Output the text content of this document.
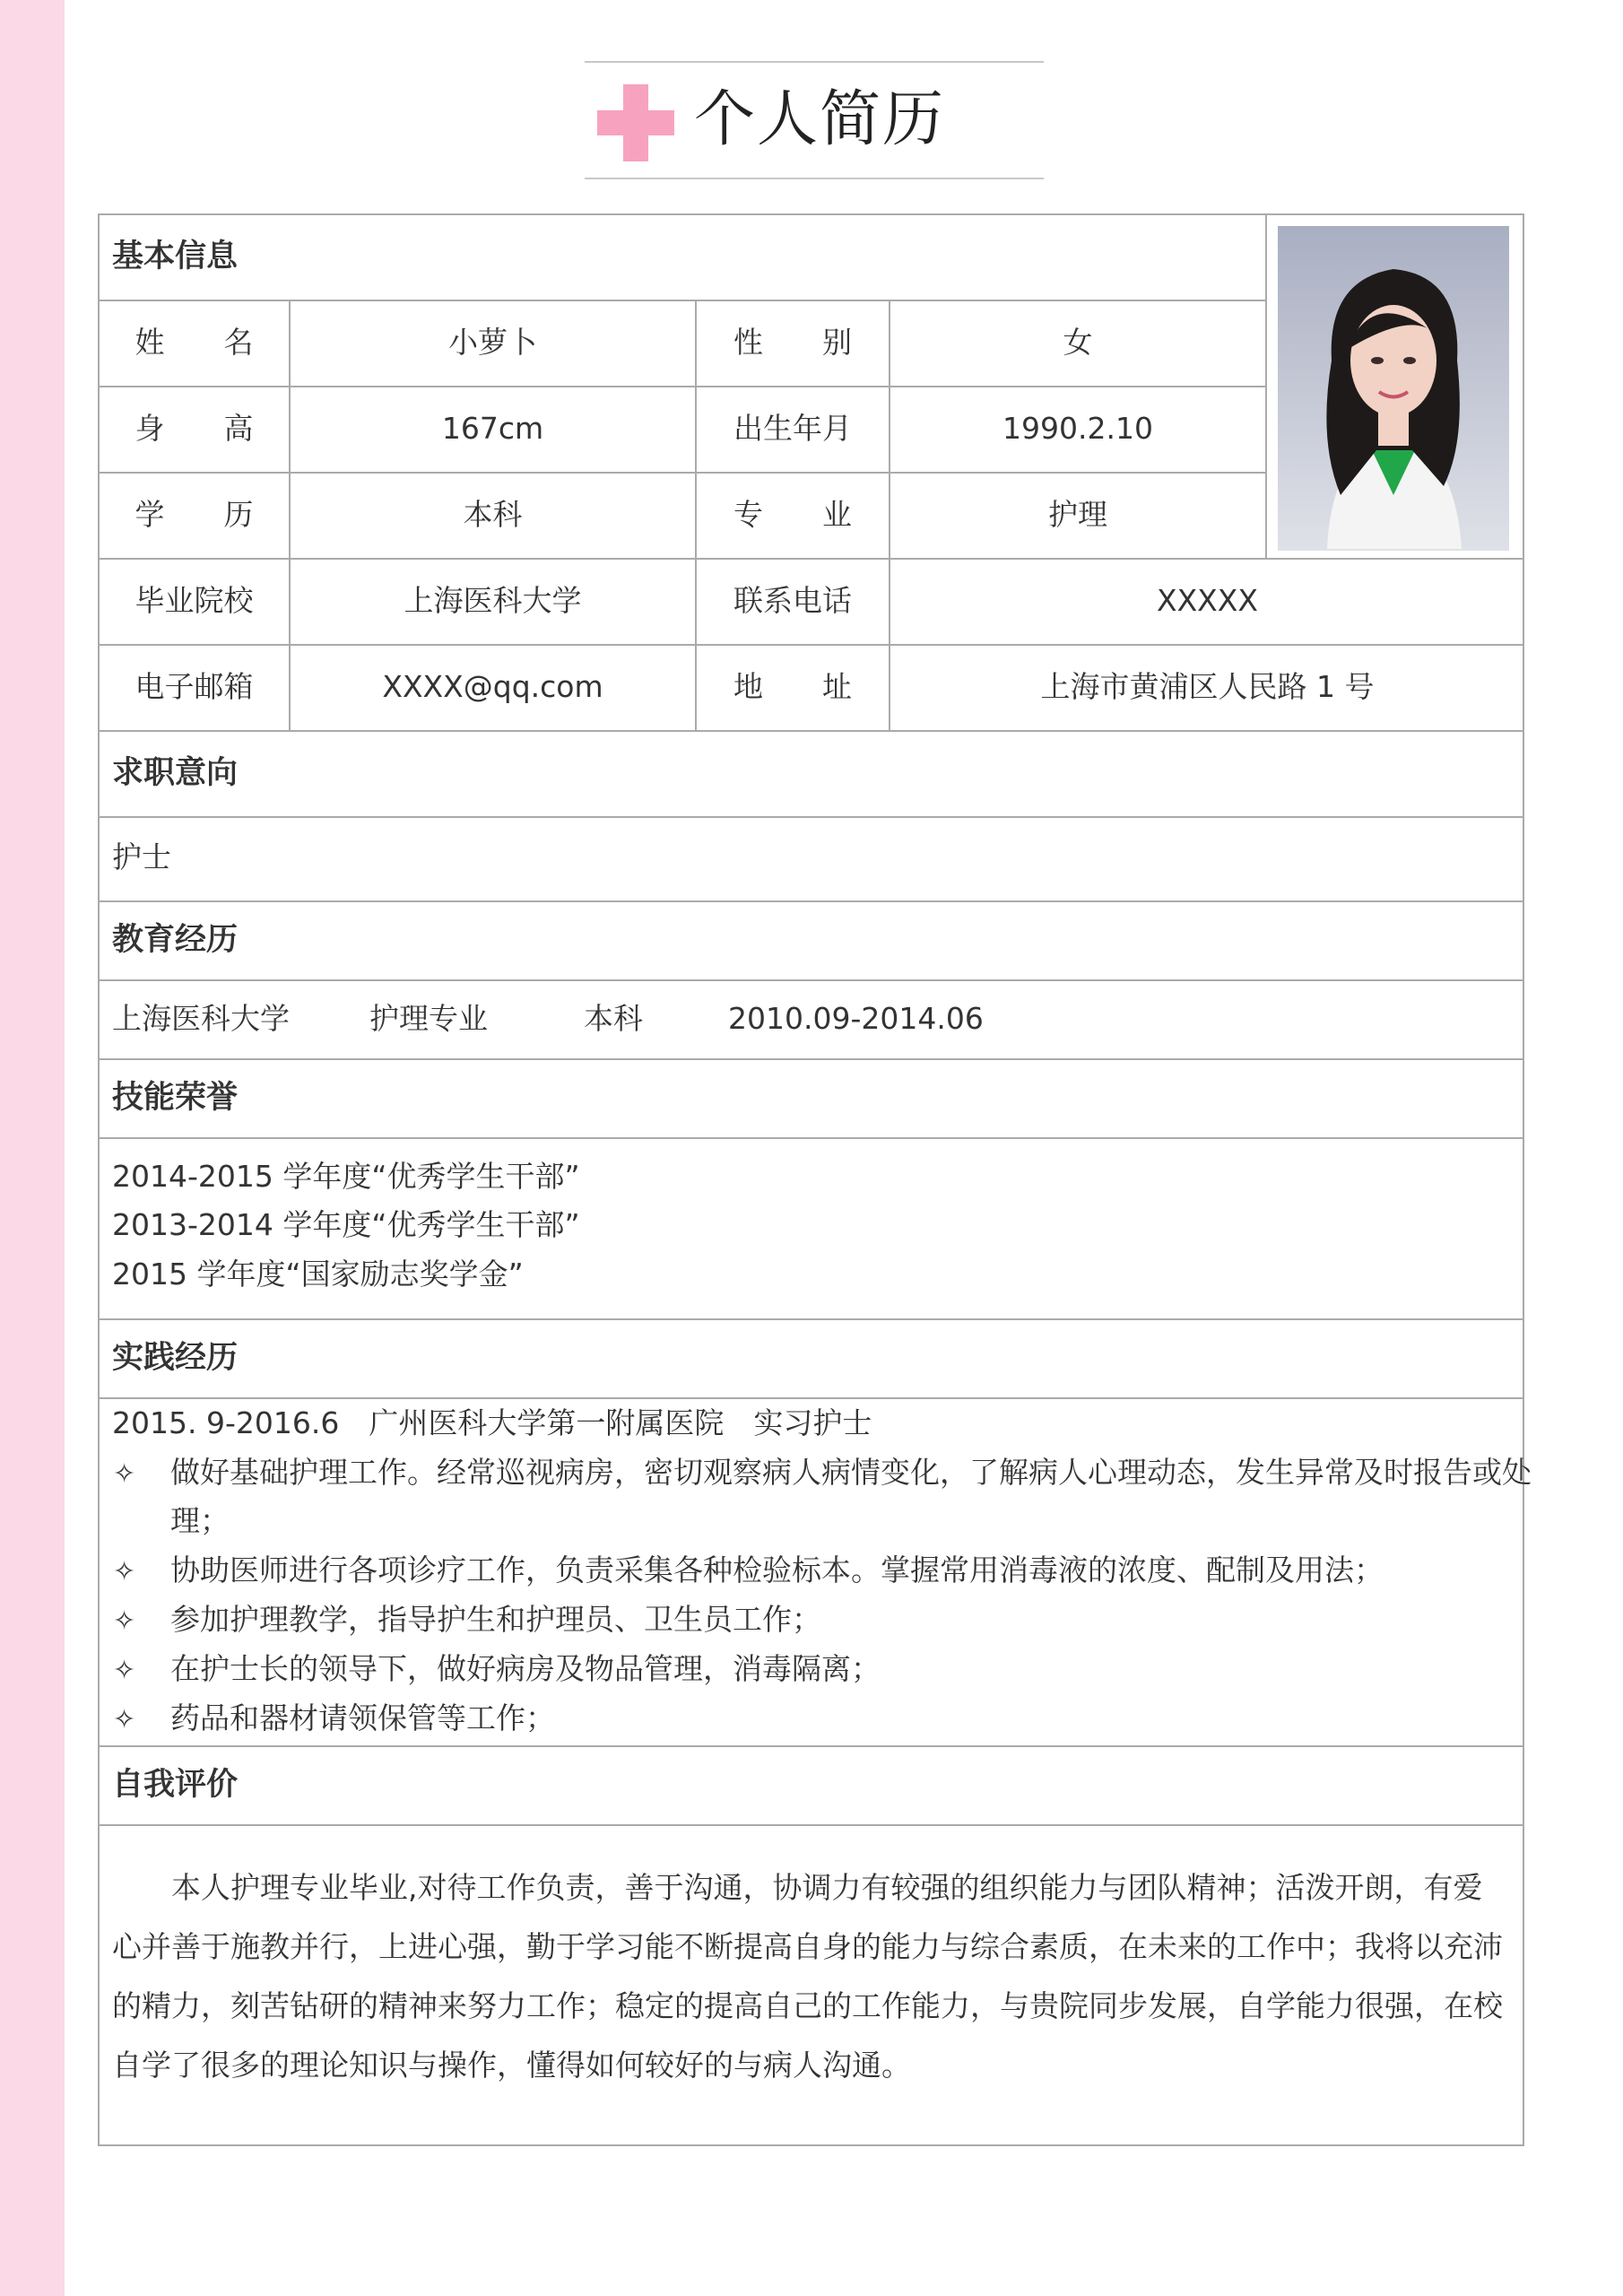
个人简历
基本信息
姓　　名	小萝卜	性　　别	女
身　　高	167cm	出生年月	1990.2.10
学　　历	本科	专　　业	护理
毕业院校	上海医科大学	联系电话	XXXXX
电子邮箱	XXXX@qq.com	地　　址	上海市黄浦区人民路 1 号
求职意向
护士
教育经历
上海医科大学	护理专业	本科	2010.09-2014.06
技能荣誉
2014-2015 学年度“优秀学生干部”
2013-2014 学年度“优秀学生干部”
2015 学年度“国家励志奖学金”
实践经历
2015. 9-2016.6　广州医科大学第一附属医院　实习护士
✧ 做好基础护理工作。经常巡视病房，密切观察病人病情变化，了解病人心理动态，发生异常及时报告或处
理；
✧ 协助医师进行各项诊疗工作，负责采集各种检验标本。掌握常用消毒液的浓度、配制及用法；
✧ 参加护理教学，指导护生和护理员、卫生员工作；
✧ 在护士长的领导下，做好病房及物品管理，消毒隔离；
✧ 药品和器材请领保管等工作；
自我评价
本人护理专业毕业,对待工作负责，善于沟通，协调力有较强的组织能力与团队精神；活泼开朗，有爱心并善于施教并行，上进心强，勤于学习能不断提高自身的能力与综合素质，在未来的工作中；我将以充沛的精力，刻苦钻研的精神来努力工作；稳定的提高自己的工作能力，与贵院同步发展，自学能力很强，在校自学了很多的理论知识与操作，懂得如何较好的与病人沟通。
